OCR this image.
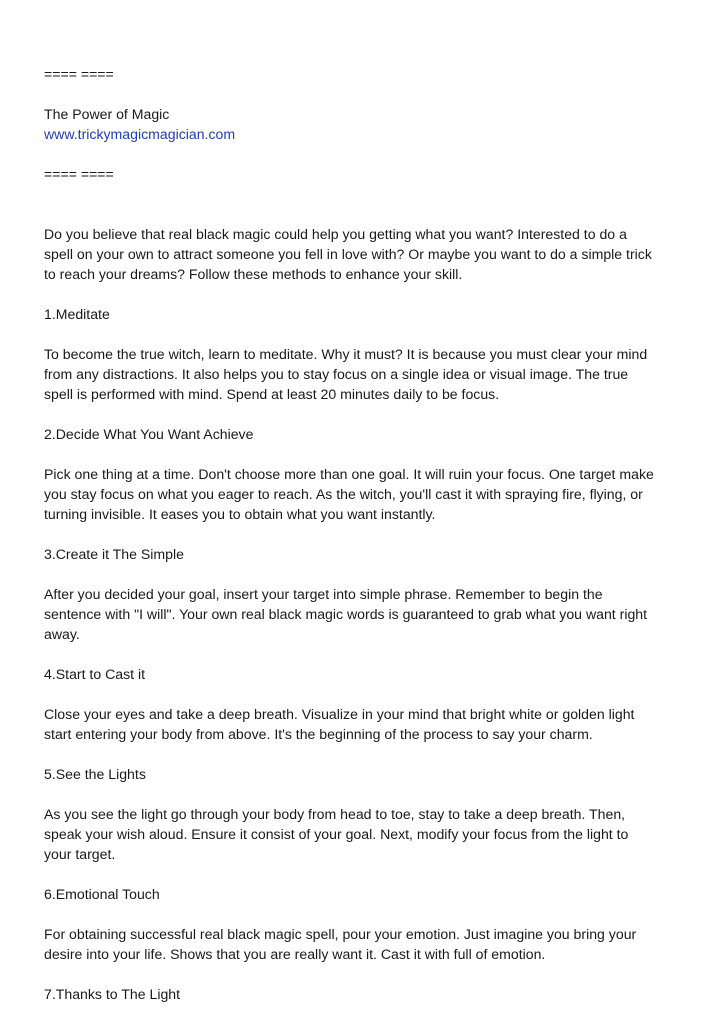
==== ====
The Power of Magic
www.trickymagicmagician.com
==== ====
Do you believe that real black magic could help you getting what you want? Interested to do a
spell on your own to attract someone you fell in love with? Or maybe you want to do a simple trick
to reach your dreams? Follow these methods to enhance your skill.
1.Meditate
To become the true witch, learn to meditate. Why it must? It is because you must clear your mind
from any distractions. It also helps you to stay focus on a single idea or visual image. The true
spell is performed with mind. Spend at least 20 minutes daily to be focus.
2.Decide What You Want Achieve
Pick one thing at a time. Don't choose more than one goal. It will ruin your focus. One target make
you stay focus on what you eager to reach. As the witch, you'll cast it with spraying fire, flying, or
turning invisible. It eases you to obtain what you want instantly.
3.Create it The Simple
After you decided your goal, insert your target into simple phrase. Remember to begin the
sentence with "I will". Your own real black magic words is guaranteed to grab what you want right
away.
4.Start to Cast it
Close your eyes and take a deep breath. Visualize in your mind that bright white or golden light
start entering your body from above. It's the beginning of the process to say your charm.
5.See the Lights
As you see the light go through your body from head to toe, stay to take a deep breath. Then,
speak your wish aloud. Ensure it consist of your goal. Next, modify your focus from the light to
your target.
6.Emotional Touch
For obtaining successful real black magic spell, pour your emotion. Just imagine you bring your
desire into your life. Shows that you are really want it. Cast it with full of emotion.
7.Thanks to The Light
